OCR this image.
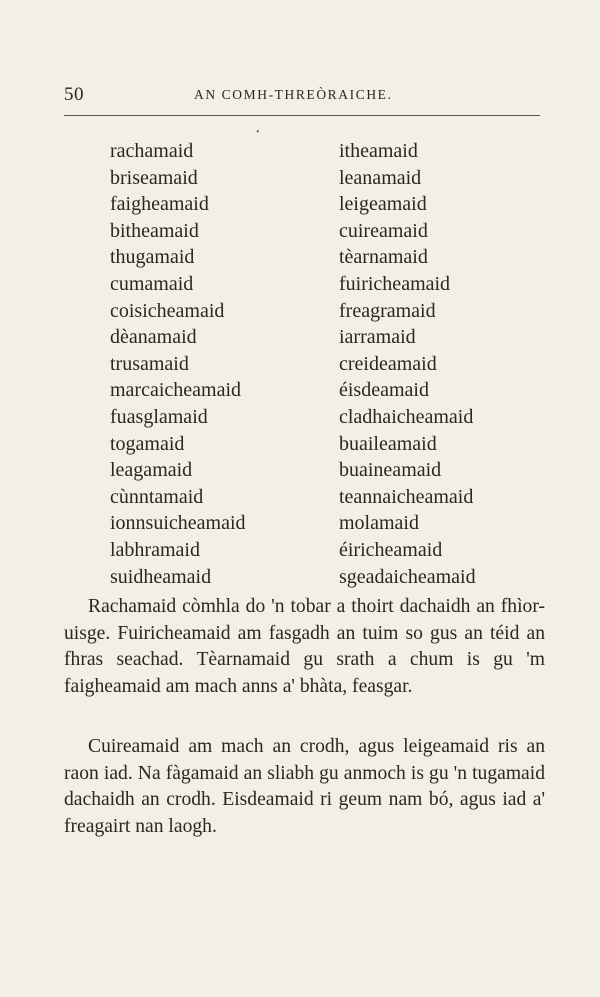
50	AN COMH-THREÒRAICHE.
•
rachamaid	itheamaid
briseamaid	leanamaid
faigheamaid	leigeamaid
bitheamaid	cuireamaid
thugamaid	tèarnamaid
cumamaid	fuiricheamaid
coisicheamaid	freagramaid
dèanamaid	iarramaid
trusamaid	creideamaid
marcaicheamaid	éisdeamaid
fuasglamaid	cladhaicheamaid
togamaid	buaileamaid
leagamaid	buaineamaid
cùnntamaid	teannaicheamaid
ionnsuicheamaid	molamaid
labhramaid	éiricheamaid
suidheamaid	sgeadaicheamaid

Rachamaid còmhla do 'n tobar a thoirt dachaidh an fhìor-uisge. Fuiricheamaid am fasgadh an tuim so gus an téid an fhras seachad. Tèarnamaid gu srath a chum is gu 'm faigheamaid am mach anns a' bhàta, feasgar.

Cuireamaid am mach an crodh, agus leigeamaid ris an raon iad. Na fàgamaid an sliabh gu anmoch is gu 'n tugamaid dachaidh an crodh. Eisdeamaid ri geum nam bó, agus iad a' freagairt nan laogh.
